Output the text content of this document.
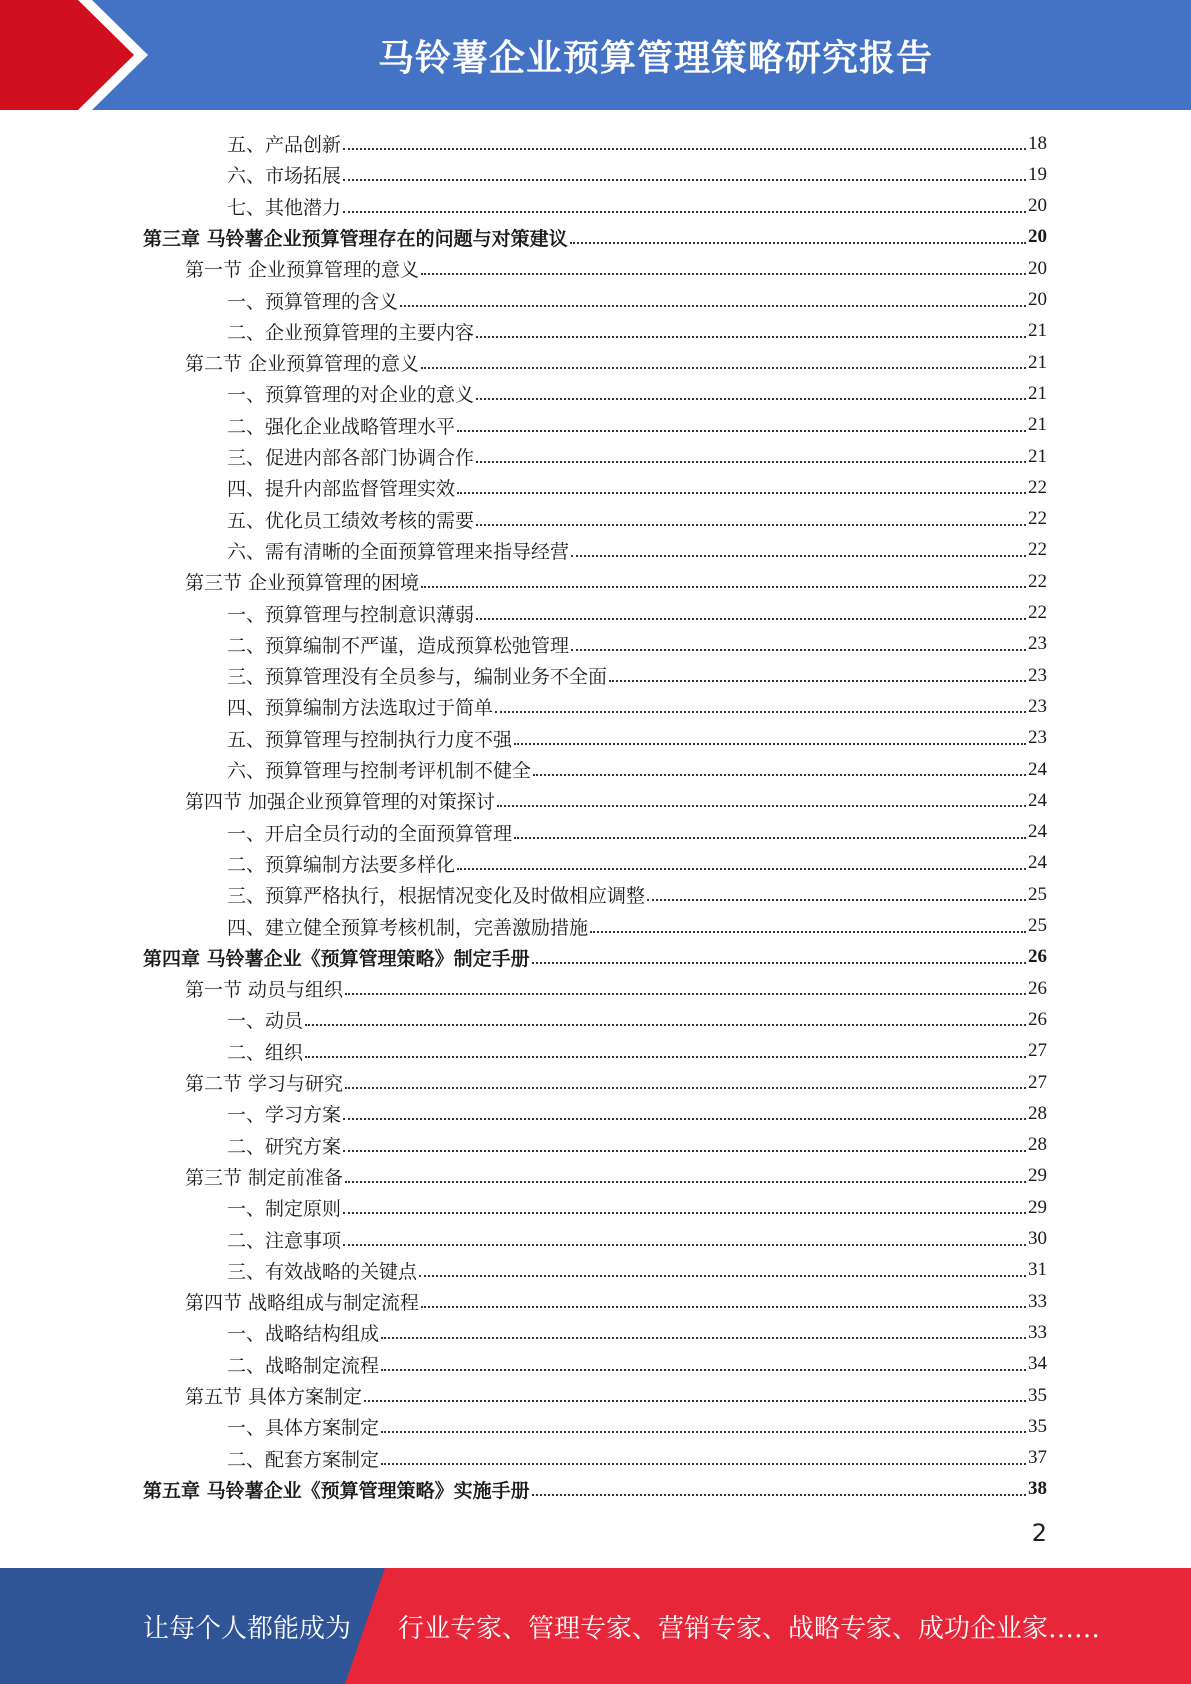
马铃薯企业预算管理策略研究报告
五、产品创新	18
六、市场拓展	19
七、其他潜力	20
第三章 马铃薯企业预算管理存在的问题与对策建议	20
第一节 企业预算管理的意义	20
一、预算管理的含义	20
二、企业预算管理的主要内容	21
第二节 企业预算管理的意义	21
一、预算管理的对企业的意义	21
二、强化企业战略管理水平	21
三、促进内部各部门协调合作	21
四、提升内部监督管理实效	22
五、优化员工绩效考核的需要	22
六、需有清晰的全面预算管理来指导经营	22
第三节 企业预算管理的困境	22
一、预算管理与控制意识薄弱	22
二、预算编制不严谨，造成预算松弛管理	23
三、预算管理没有全员参与，编制业务不全面	23
四、预算编制方法选取过于简单	23
五、预算管理与控制执行力度不强	23
六、预算管理与控制考评机制不健全	24
第四节 加强企业预算管理的对策探讨	24
一、开启全员行动的全面预算管理	24
二、预算编制方法要多样化	24
三、预算严格执行，根据情况变化及时做相应调整	25
四、建立健全预算考核机制，完善激励措施	25
第四章 马铃薯企业《预算管理策略》制定手册	26
第一节 动员与组织	26
一、动员	26
二、组织	27
第二节 学习与研究	27
一、学习方案	28
二、研究方案	28
第三节 制定前准备	29
一、制定原则	29
二、注意事项	30
三、有效战略的关键点	31
第四节 战略组成与制定流程	33
一、战略结构组成	33
二、战略制定流程	34
第五节 具体方案制定	35
一、具体方案制定	35
二、配套方案制定	37
第五章 马铃薯企业《预算管理策略》实施手册	38
2
让每个人都能成为 行业专家、管理专家、营销专家、战略专家、成功企业家……
